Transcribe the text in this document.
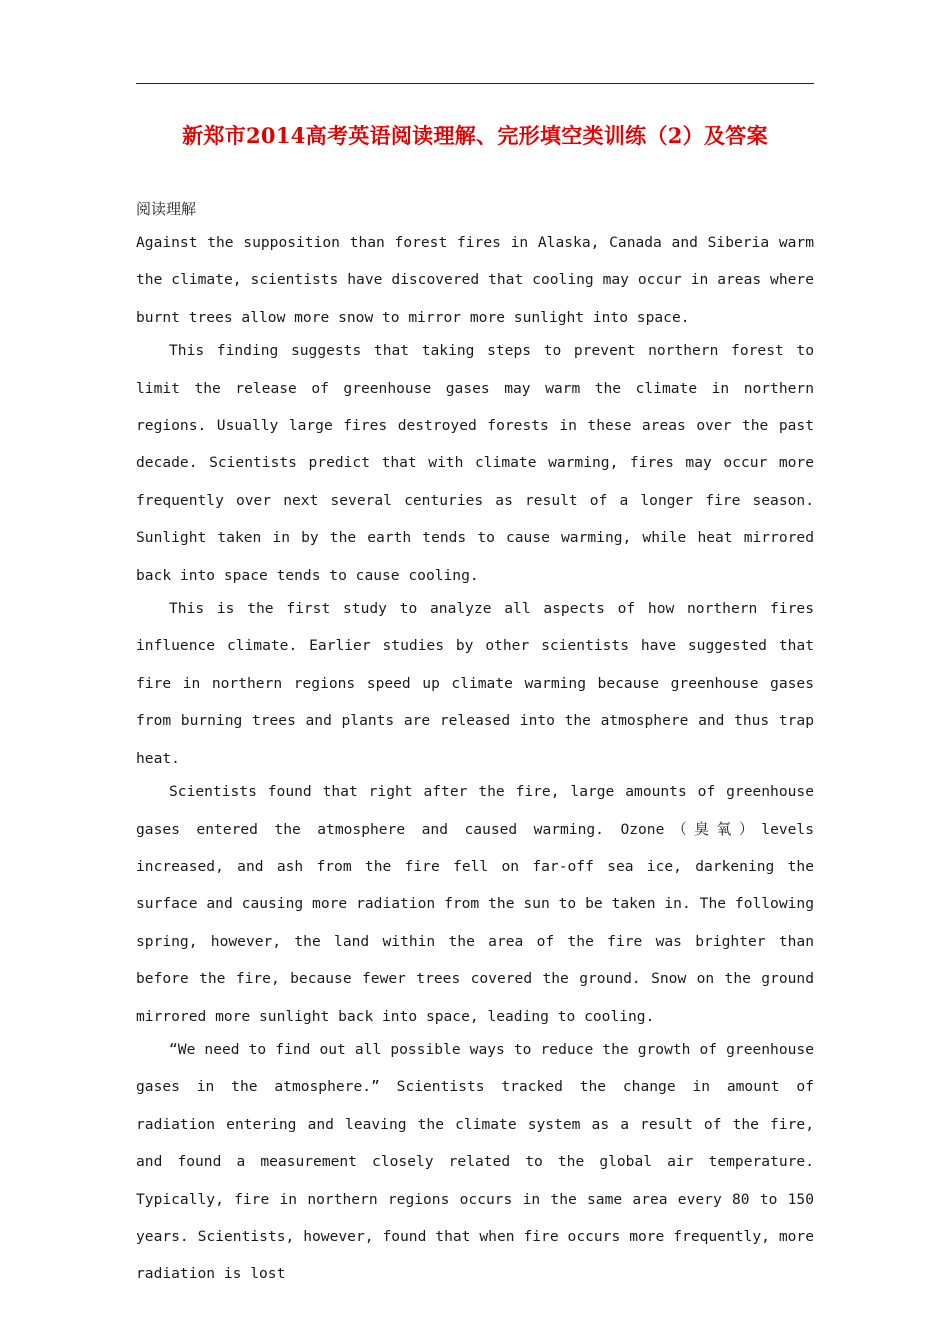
新郑市2014高考英语阅读理解、完形填空类训练（2）及答案
阅读理解

Against the supposition than forest fires in Alaska, Canada and Siberia warm the climate, scientists have discovered that cooling may occur in areas where burnt trees allow more snow to mirror more sunlight into space.

This finding suggests that taking steps to prevent northern forest to limit the release of greenhouse gases may warm the climate in northern regions. Usually large fires destroyed forests in these areas over the past decade. Scientists predict that with climate warming, fires may occur more frequently over next several centuries as result of a longer fire season. Sunlight taken in by the earth tends to cause warming, while heat mirrored back into space tends to cause cooling.

This is the first study to analyze all aspects of how northern fires influence climate. Earlier studies by other scientists have suggested that fire in northern regions speed up climate warming because greenhouse gases from burning trees and plants are released into the atmosphere and thus trap heat.

Scientists found that right after the fire, large amounts of greenhouse gases entered the atmosphere and caused warming. Ozone（臭氧）levels increased, and ash from the fire fell on far-off sea ice, darkening the surface and causing more radiation from the sun to be taken in. The following spring, however, the land within the area of the fire was brighter than before the fire, because fewer trees covered the ground. Snow on the ground mirrored more sunlight back into space, leading to cooling.

“We need to find out all possible ways to reduce the growth of greenhouse gases in the atmosphere.” Scientists tracked the change in amount of radiation entering and leaving the climate system as a result of the fire, and found a measurement closely related to the global air temperature. Typically, fire in northern regions occurs in the same area every 80 to 150 years. Scientists, however, found that when fire occurs more frequently, more radiation is lost
